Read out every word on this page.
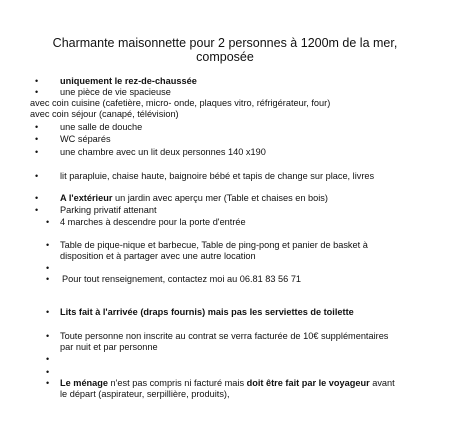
Charmante maisonnette pour 2 personnes à 1200m de la mer,
composée
• uniquement le rez-de-chaussée
• une pièce de vie spacieuse
avec coin cuisine (cafetière, micro- onde, plaques vitro, réfrigérateur, four)
avec coin séjour (canapé, télévision)
• une salle de douche
• WC séparés
• une chambre avec un lit deux personnes 140 x190
• lit parapluie, chaise haute, baignoire bébé et tapis de change sur place, livres
• A l'extérieur un jardin avec aperçu mer (Table et chaises en bois)
• Parking privatif attenant
• 4 marches à descendre pour la porte d'entrée
• Table de pique-nique et barbecue, Table de ping-pong et panier de basket à
disposition et à partager avec une autre location
•
• Pour tout renseignement, contactez moi au 06.81 83 56 71
• Lits fait à l'arrivée (draps fournis) mais pas les serviettes de toilette
• Toute personne non inscrite au contrat se verra facturée de 10€ supplémentaires
par nuit et par personne
•
•
• Le ménage n'est pas compris ni facturé mais doit être fait par le voyageur avant
le départ (aspirateur, serpillière, produits),
